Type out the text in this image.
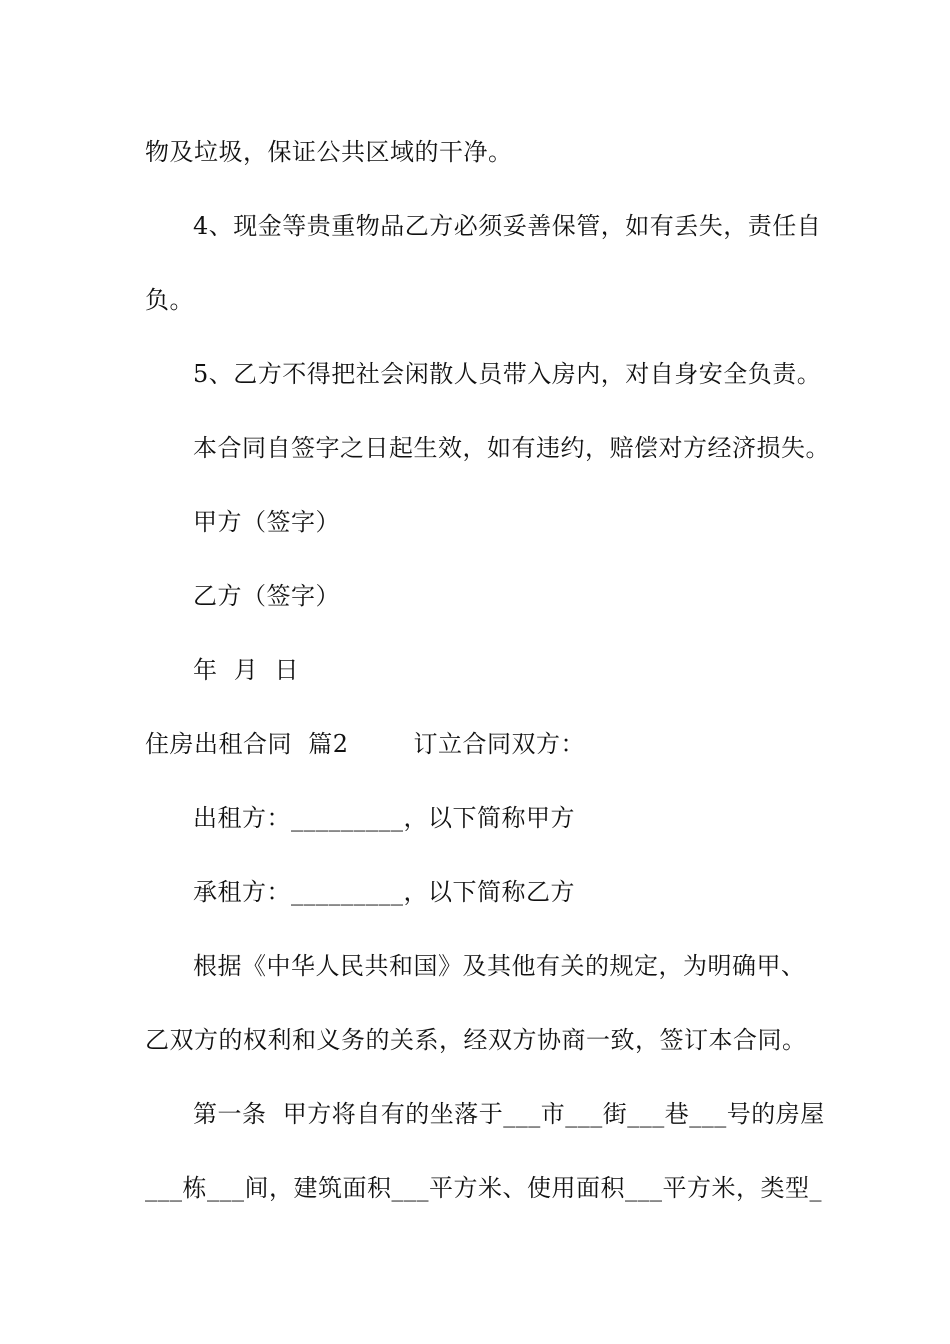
物及垃圾，保证公共区域的干净。
4、现金等贵重物品乙方必须妥善保管，如有丢失，责任自
负。
5、乙方不得把社会闲散人员带入房内，对自身安全负责。
本合同自签字之日起生效，如有违约，赔偿对方经济损失。
甲方（签字）
乙方（签字）
年  月  日
住房出租合同  篇2        订立合同双方：
出租方：_________，以下简称甲方
承租方：_________，以下简称乙方
根据《中华人民共和国》及其他有关的规定，为明确甲、
乙双方的权利和义务的关系，经双方协商一致，签订本合同。
第一条  甲方将自有的坐落于___市___街___巷___号的房屋
___栋___间，建筑面积___平方米、使用面积___平方米，类型_
